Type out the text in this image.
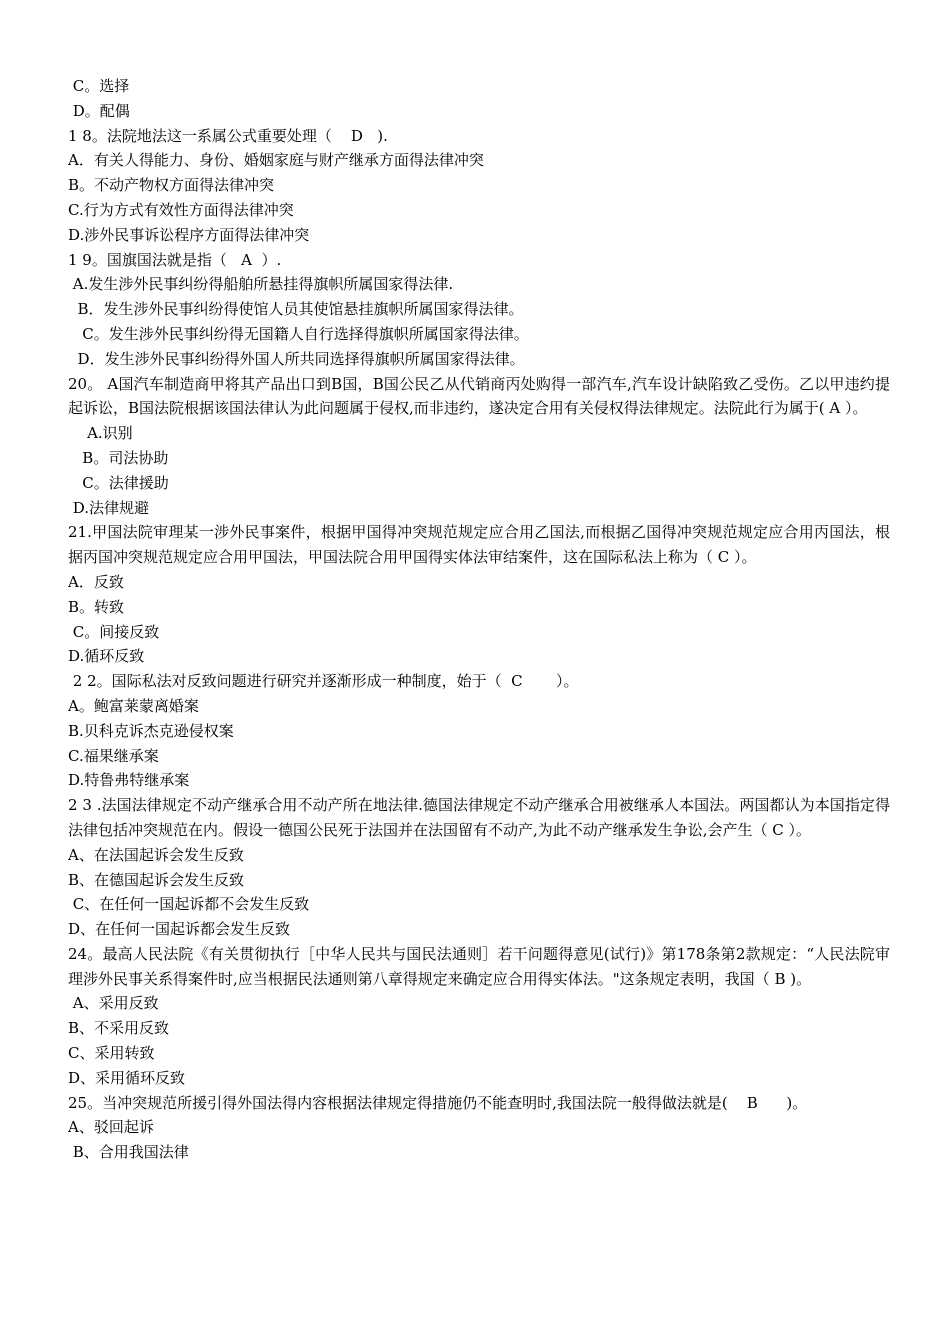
C。选择
D。配偶
1 8。法院地法这一系属公式重要处理（    D   ).
A．有关人得能力、身份、婚姻家庭与财产继承方面得法律冲突
B。不动产物权方面得法律冲突
C.行为方式有效性方面得法律冲突
D.涉外民事诉讼程序方面得法律冲突
1 9。国旗国法就是指（   A  ）.
A.发生涉外民事纠纷得船舶所悬挂得旗帜所属国家得法律.
B．发生涉外民事纠纷得使馆人员其使馆悬挂旗帜所属国家得法律。
C。发生涉外民事纠纷得无国籍人自行选择得旗帜所属国家得法律。
D．发生涉外民事纠纷得外国人所共同选择得旗帜所属国家得法律。
20。 A国汽车制造商甲将其产品出口到B国，B国公民乙从代销商丙处购得一部汽车,汽车设计缺陷致乙受伤。乙以甲违约提起诉讼，B国法院根据该国法律认为此问题属于侵权,而非违约，遂决定合用有关侵权得法律规定。法院此行为属于( A ）。
A.识别
B。司法协助
C。法律援助
D.法律规避
21.甲国法院审理某一涉外民事案件，根据甲国得冲突规范规定应合用乙国法,而根据乙国得冲突规范规定应合用丙国法，根据丙国冲突规范规定应合用甲国法，甲国法院合用甲国得实体法审结案件，这在国际私法上称为（ C ）。
A．反致
B。转致
C。间接反致
D.循环反致
2 2。国际私法对反致问题进行研究并逐渐形成一种制度，始于（  C       ）。
A。鲍富莱蒙离婚案
B.贝科克诉杰克逊侵权案
C.福果继承案
D.特鲁弗特继承案
2 3 .法国法律规定不动产继承合用不动产所在地法律.德国法律规定不动产继承合用被继承人本国法。两国都认为本国指定得法律包括冲突规范在内。假设一德国公民死于法国并在法国留有不动产,为此不动产继承发生争讼,会产生（ C ）。
A、在法国起诉会发生反致
B、在德国起诉会发生反致
C、在任何一国起诉都不会发生反致
D、在任何一国起诉都会发生反致
24。最高人民法院《有关贯彻执行［中华人民共与国民法通则］若干问题得意见(试行)》第178条第2款规定：“人民法院审理涉外民事关系得案件时,应当根据民法通则第八章得规定来确定应合用得实体法。"这条规定表明，我国（ B )。
A、采用反致
B、不采用反致
C、采用转致
D、采用循环反致
25。当冲突规范所援引得外国法得内容根据法律规定得措施仍不能查明时,我国法院一般得做法就是(    B      )。
A、驳回起诉
B、合用我国法律
